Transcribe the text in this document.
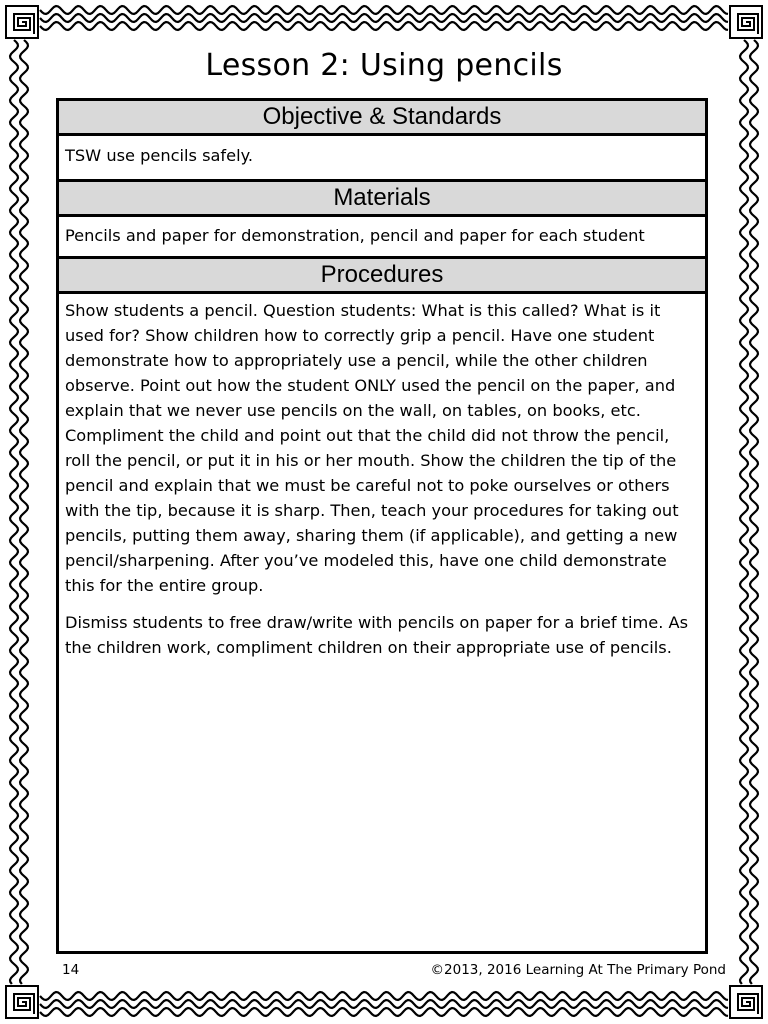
Lesson 2: Using pencils
Objective & Standards
TSW use pencils safely.
Materials
Pencils and paper for demonstration, pencil and paper for each student
Procedures

Show students a pencil. Question students: What is this called? What is it used for? Show children how to correctly grip a pencil. Have one student demonstrate how to appropriately use a pencil, while the other children observe. Point out how the student ONLY used the pencil on the paper, and explain that we never use pencils on the wall, on tables, on books, etc. Compliment the child and point out that the child did not throw the pencil, roll the pencil, or put it in his or her mouth. Show the children the tip of the pencil and explain that we must be careful not to poke ourselves or others with the tip, because it is sharp. Then, teach your procedures for taking out pencils, putting them away, sharing them (if applicable), and getting a new pencil/sharpening. After you’ve modeled this, have one child demonstrate this for the entire group.

Dismiss students to free draw/write with pencils on paper for a brief time. As the children work, compliment children on their appropriate use of pencils.

14	©2013, 2016 Learning At The Primary Pond
